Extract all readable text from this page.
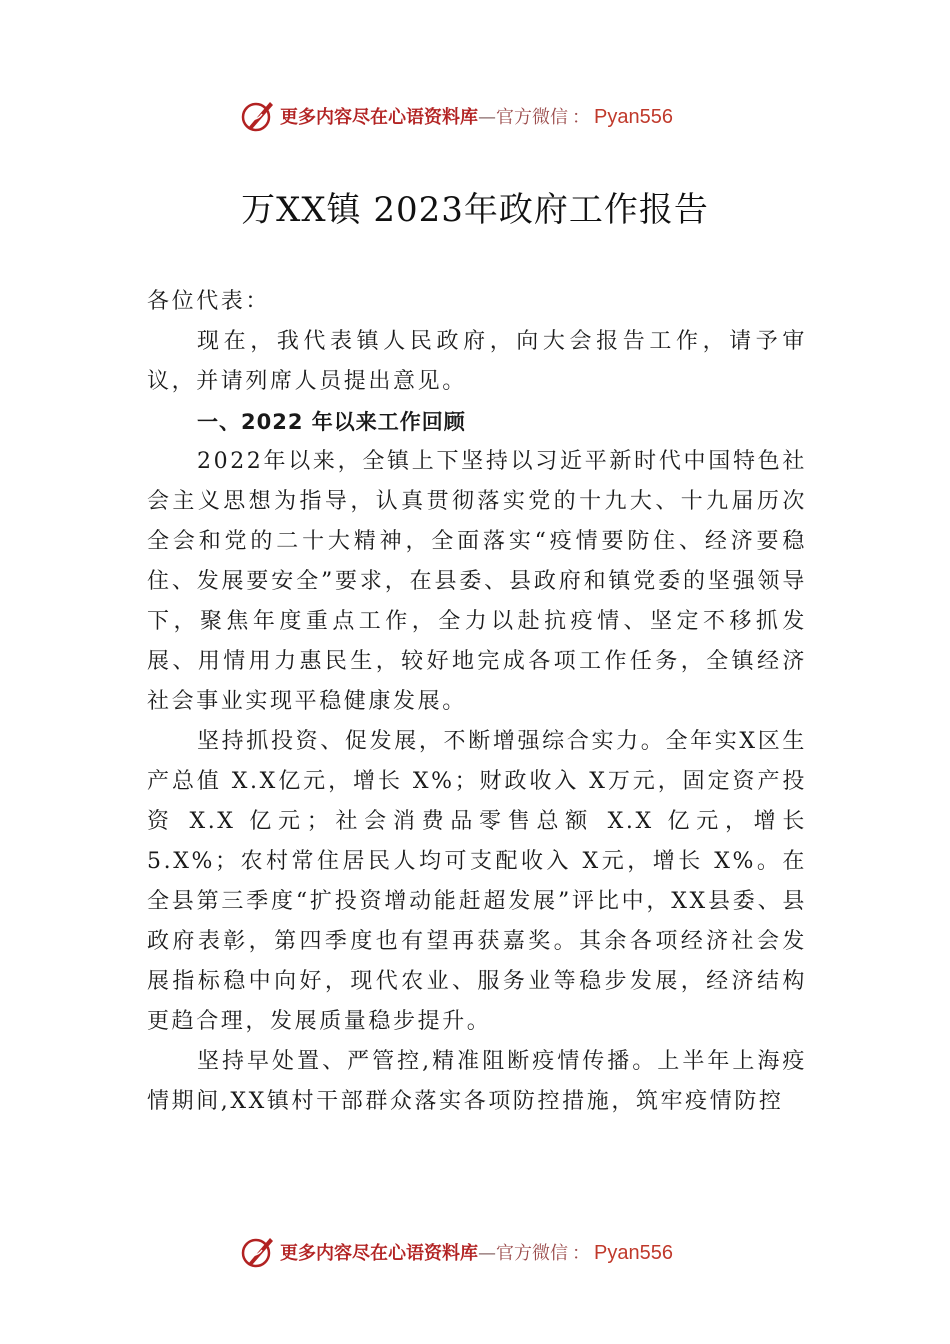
更多内容尽在心语资料库—官方微信 ： Pyan556
万XX镇 2023年政府工作报告

各位代表：

现在，我代表镇人民政府，向大会报告工作，请予审议，并请列席人员提出意见。

一、2022 年以来工作回顾

2022年以来，全镇上下坚持以习近平新时代中国特色社会主义思想为指导，认真贯彻落实党的十九大、十九届历次全会和党的二十大精神，全面落实“疫情要防住、经济要稳住、发展要安全”要求，在县委、县政府和镇党委的坚强领导下，聚焦年度重点工作，全力以赴抗疫情、坚定不移抓发展、用情用力惠民生，较好地完成各项工作任务，全镇经济社会事业实现平稳健康发展。

坚持抓投资、促发展，不断增强综合实力。全年实X区生产总值 X.X亿元，增长 X%；财政收入 X万元，固定资产投资 X.X 亿元；社会消费品零售总额 X.X 亿元，增长5.X%；农村常住居民人均可支配收入 X元，增长 X%。在全县第三季度“扩投资增动能赶超发展”评比中，XX县委、县政府表彰，第四季度也有望再获嘉奖。其余各项经济社会发展指标稳中向好，现代农业、服务业等稳步发展，经济结构更趋合理，发展质量稳步提升。

坚持早处置、严管控,精准阻断疫情传播。上半年上海疫情期间,XX镇村干部群众落实各项防控措施，筑牢疫情防控

更多内容尽在心语资料库—官方微信 ： Pyan556
